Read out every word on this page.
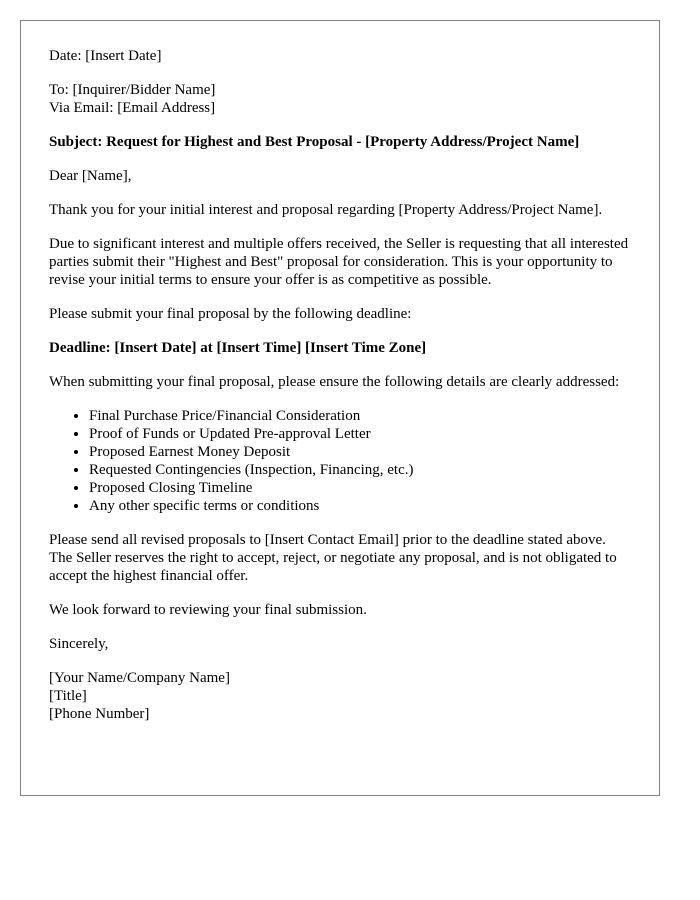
Date: [Insert Date]

To: [Inquirer/Bidder Name]
Via Email: [Email Address]

Subject: Request for Highest and Best Proposal - [Property Address/Project Name]

Dear [Name],

Thank you for your initial interest and proposal regarding [Property Address/Project Name].

Due to significant interest and multiple offers received, the Seller is requesting that all interested parties submit their "Highest and Best" proposal for consideration. This is your opportunity to revise your initial terms to ensure your offer is as competitive as possible.

Please submit your final proposal by the following deadline:

Deadline: [Insert Date] at [Insert Time] [Insert Time Zone]

When submitting your final proposal, please ensure the following details are clearly addressed:

• Final Purchase Price/Financial Consideration
• Proof of Funds or Updated Pre-approval Letter
• Proposed Earnest Money Deposit
• Requested Contingencies (Inspection, Financing, etc.)
• Proposed Closing Timeline
• Any other specific terms or conditions

Please send all revised proposals to [Insert Contact Email] prior to the deadline stated above. The Seller reserves the right to accept, reject, or negotiate any proposal, and is not obligated to accept the highest financial offer.

We look forward to reviewing your final submission.

Sincerely,

[Your Name/Company Name]
[Title]
[Phone Number]
